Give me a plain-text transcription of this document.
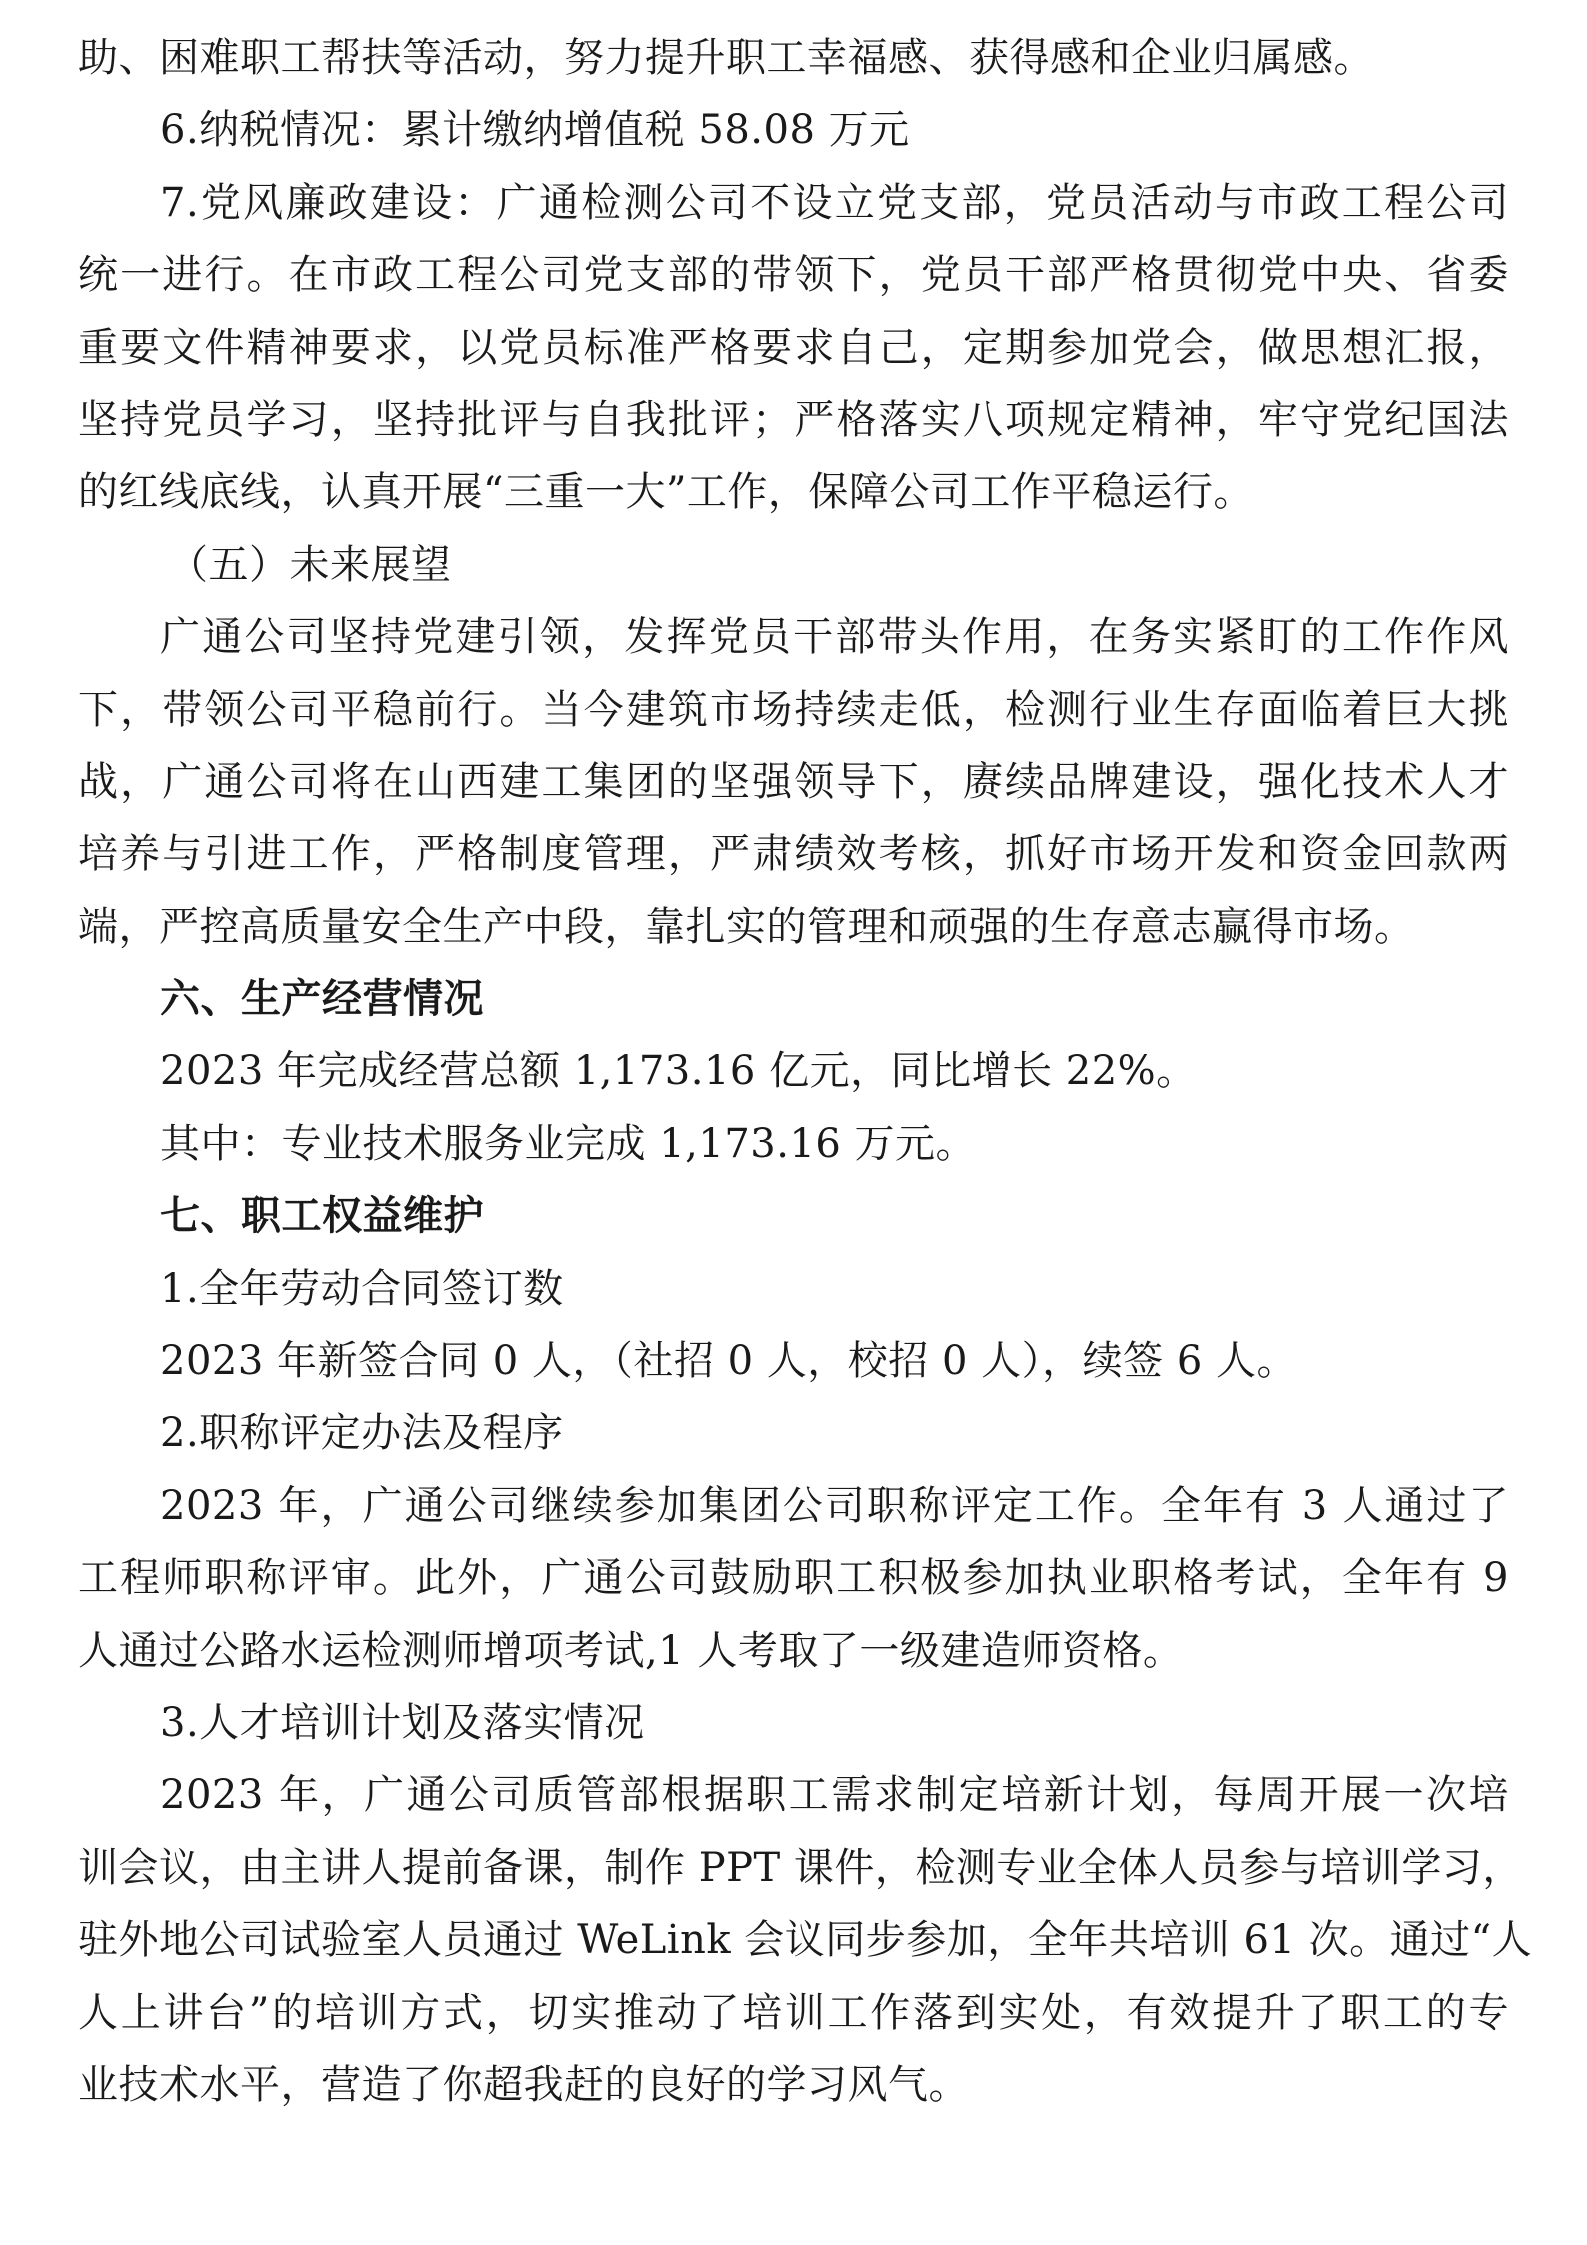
助、困难职工帮扶等活动，努力提升职工幸福感、获得感和企业归属感。
6.纳税情况：累计缴纳增值税 58.08 万元
7.党风廉政建设：广通检测公司不设立党支部，党员活动与市政工程公司
统一进行。在市政工程公司党支部的带领下，党员干部严格贯彻党中央、省委
重要文件精神要求，以党员标准严格要求自己，定期参加党会，做思想汇报，
坚持党员学习，坚持批评与自我批评；严格落实八项规定精神，牢守党纪国法
的红线底线，认真开展“三重一大”工作，保障公司工作平稳运行。
（五）未来展望
广通公司坚持党建引领，发挥党员干部带头作用，在务实紧盯的工作作风
下，带领公司平稳前行。当今建筑市场持续走低，检测行业生存面临着巨大挑
战，广通公司将在山西建工集团的坚强领导下，赓续品牌建设，强化技术人才
培养与引进工作，严格制度管理，严肃绩效考核，抓好市场开发和资金回款两
端，严控高质量安全生产中段，靠扎实的管理和顽强的生存意志赢得市场。
六、生产经营情况
2023 年完成经营总额 1,173.16 亿元，同比增长 22%。
其中：专业技术服务业完成 1,173.16 万元。
七、职工权益维护
1.全年劳动合同签订数
2023 年新签合同 0 人，（社招 0 人，校招 0 人），续签 6 人。
2.职称评定办法及程序
2023 年，广通公司继续参加集团公司职称评定工作。全年有 3 人通过了
工程师职称评审。此外，广通公司鼓励职工积极参加执业职格考试，全年有 9
人通过公路水运检测师增项考试,1 人考取了一级建造师资格。
3.人才培训计划及落实情况
2023 年，广通公司质管部根据职工需求制定培新计划，每周开展一次培
训会议，由主讲人提前备课，制作 PPT 课件，检测专业全体人员参与培训学习，
驻外地公司试验室人员通过 WeLink 会议同步参加，全年共培训 61 次。通过“人
人上讲台”的培训方式，切实推动了培训工作落到实处，有效提升了职工的专
业技术水平，营造了你超我赶的良好的学习风气。
